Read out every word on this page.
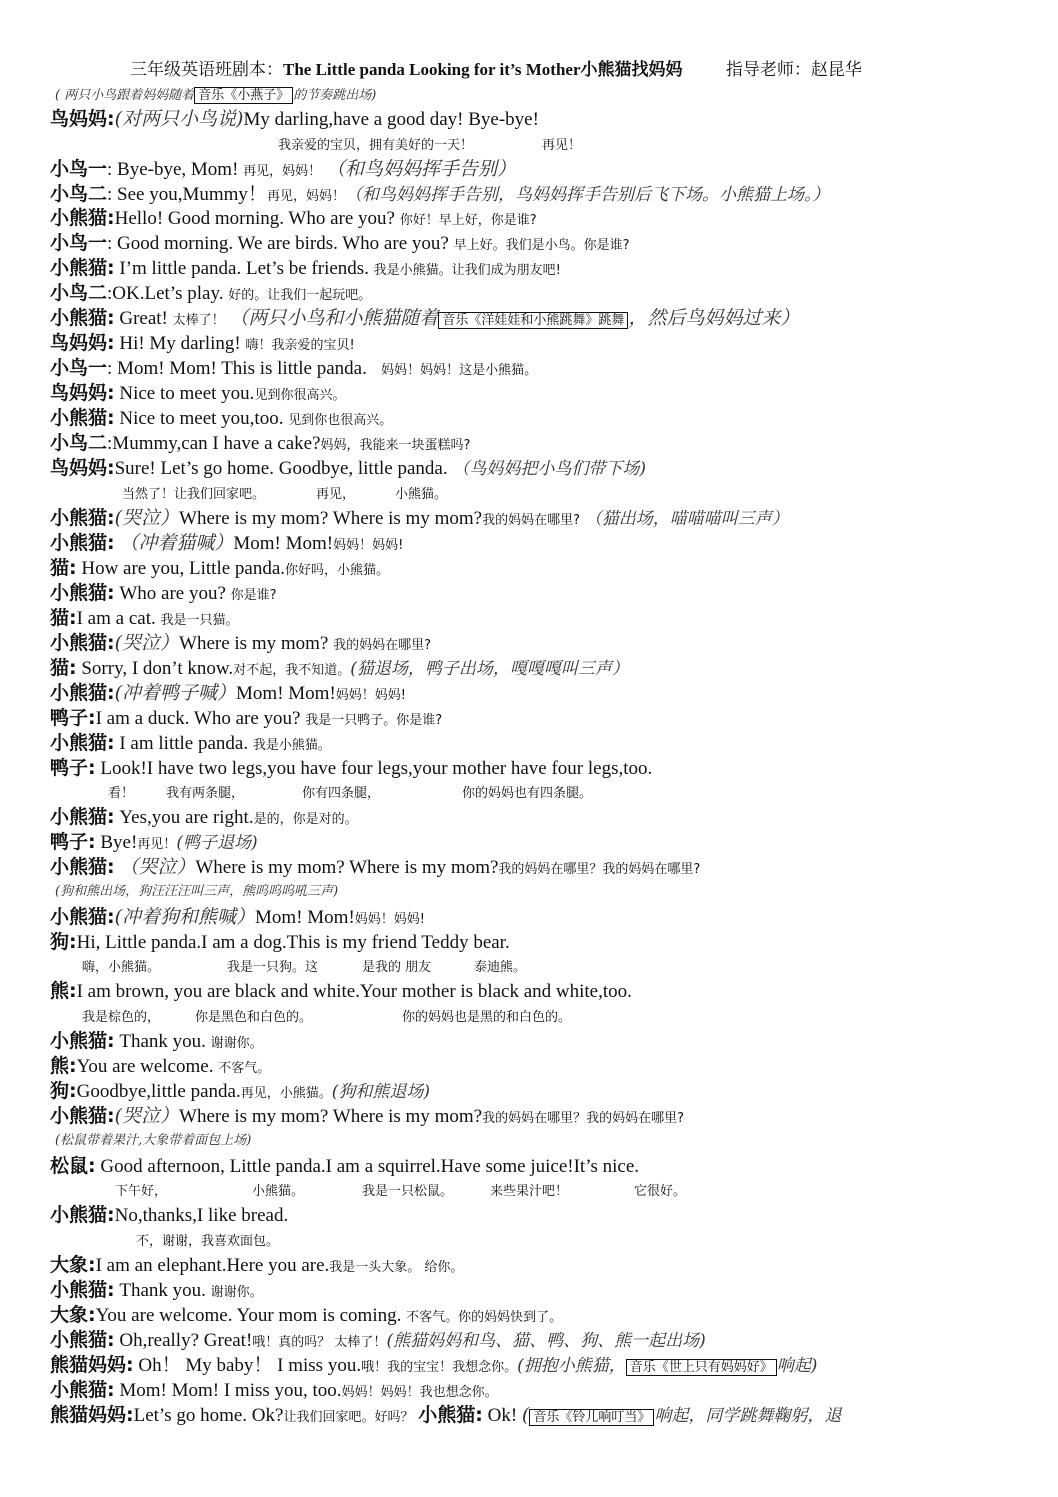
三年级英语班剧本：The Little panda Looking for it’s Mother小熊猫找妈妈	指导老师：赵昆华
( 两只小鸟跟着妈妈随着 音乐《小燕子》 的节奏跳出场)
鸟妈妈:(对两只小鸟说)My darling,have a good day! Bye-bye!
我亲爱的宝贝，拥有美好的一天！	再见！
小鸟一: Bye-bye, Mom! 再见，妈妈！ （和鸟妈妈挥手告别）
小鸟二: See you,Mummy！再见，妈妈！（和鸟妈妈挥手告别，鸟妈妈挥手告别后飞下场。小熊猫上场。）
小熊猫:Hello! Good morning. Who are you? 你好！早上好，你是谁?
小鸟一: Good morning. We are birds. Who are you? 早上好。我们是小鸟。你是谁?
小熊猫: I’m little panda. Let’s be friends. 我是小熊猫。让我们成为朋友吧!
小鸟二:OK.Let’s play. 好的。让我们一起玩吧。
小熊猫: Great! 太棒了！ （两只小鸟和小熊猫随着 音乐《洋娃娃和小熊跳舞》跳舞 ，然后鸟妈妈过来）
鸟妈妈: Hi! My darling! 嗨！我亲爱的宝贝!
小鸟一: Mom! Mom! This is little panda. 妈妈！妈妈！这是小熊猫。
鸟妈妈: Nice to meet you.见到你很高兴。
小熊猫: Nice to meet you,too. 见到你也很高兴。
小鸟二:Mummy,can I have a cake?妈妈，我能来一块蛋糕吗?
鸟妈妈:Sure! Let’s go home. Goodbye, little panda. （鸟妈妈把小鸟们带下场)
当然了！让我们回家吧。	再见，	小熊猫。
小熊猫:(哭泣）Where is my mom? Where is my mom?我的妈妈在哪里? （猫出场，喵喵喵叫三声）
小熊猫: （冲着猫喊）Mom! Mom!妈妈！妈妈!
猫: How are you, Little panda.你好吗，小熊猫。
小熊猫: Who are you? 你是谁?
猫:I am a cat. 我是一只猫。
小熊猫:(哭泣）Where is my mom? 我的妈妈在哪里?
猫: Sorry, I don’t know.对不起，我不知道。(猫退场，鸭子出场，嘎嘎嘎叫三声）
小熊猫:(冲着鸭子喊）Mom! Mom!妈妈！妈妈!
鸭子:I am a duck. Who are you? 我是一只鸭子。你是谁?
小熊猫: I am little panda. 我是小熊猫。
鸭子: Look!I have two legs,you have four legs,your mother have four legs,too.
看！ 我有两条腿，	你有四条腿，	你的妈妈也有四条腿。
小熊猫: Yes,you are right.是的，你是对的。
鸭子: Bye!再见！(鸭子退场)
小熊猫: （哭泣）Where is my mom? Where is my mom?我的妈妈在哪里？我的妈妈在哪里?
(狗和熊出场，狗汪汪汪叫三声，熊呜呜呜吼三声)
小熊猫:(冲着狗和熊喊）Mom! Mom!妈妈！妈妈!
狗:Hi, Little panda.I am a dog.This is my friend Teddy bear.
嗨，小熊猫。	我是一只狗。这	是我的 朋友	泰迪熊。
熊:I am brown, you are black and white.Your mother is black and white,too.
我是棕色的，	你是黑色和白色的。	你的妈妈也是黑的和白色的。
小熊猫: Thank you. 谢谢你。
熊:You are welcome. 不客气。
狗:Goodbye,little panda.再见，小熊猫。(狗和熊退场)
小熊猫:(哭泣）Where is my mom? Where is my mom?我的妈妈在哪里？我的妈妈在哪里?
(松鼠带着果汁,大象带着面包上场)
松鼠: Good afternoon, Little panda.I am a squirrel.Have some juice!It’s nice.
下午好，	小熊猫。	我是一只松鼠。	来些果汁吧！	它很好。
小熊猫:No,thanks,I like bread.
不，谢谢，我喜欢面包。
大象:I am an elephant.Here you are.我是一头大象。 给你。
小熊猫: Thank you. 谢谢你。
大象:You are welcome. Your mom is coming. 不客气。你的妈妈快到了。
小熊猫: Oh,really? Great!哦！真的吗？ 太棒了！(熊猫妈妈和鸟、猫、鸭、狗、熊一起出场)
熊猫妈妈: Oh！ My baby！ I miss you.哦！我的宝宝！我想念你。(拥抱小熊猫， 音乐《世上只有妈妈好》 响起)
小熊猫: Mom! Mom! I miss you, too.妈妈！妈妈！我也想念你。
熊猫妈妈:Let’s go home. Ok?让我们回家吧。好吗？ 小熊猫: Ok! ( 音乐《铃儿响叮当》 响起，同学跳舞鞠躬，退
